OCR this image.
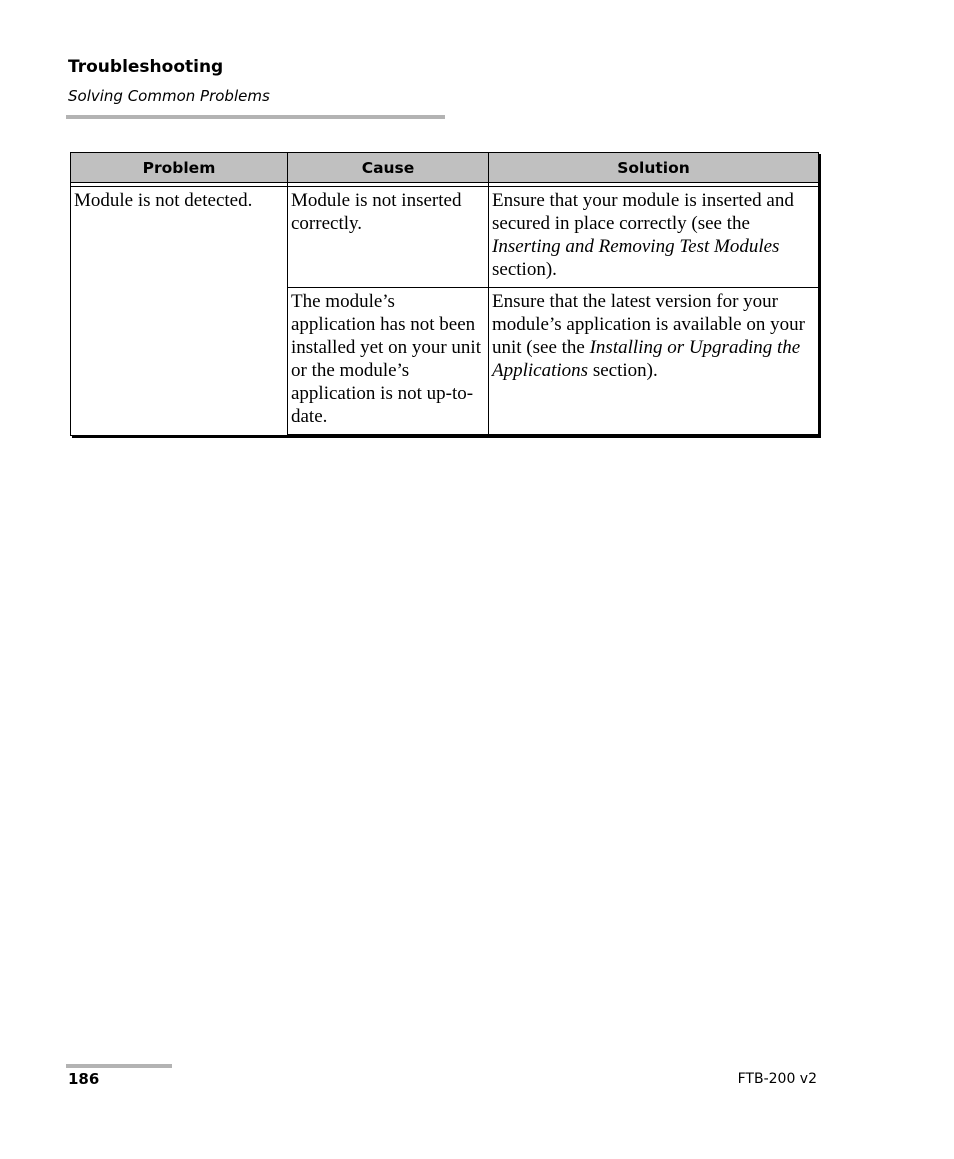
Troubleshooting
Solving Common Problems
Problem	Cause	Solution

Module is not detected.	Module is not inserted correctly.	Ensure that your module is inserted and secured in place correctly (see the Inserting and Removing Test Modules section).
	The module’s application has not been installed yet on your unit or the module’s application is not up-to-date.	Ensure that the latest version for your module’s application is available on your unit (see the Installing or Upgrading the Applications section).
186	FTB-200 v2
